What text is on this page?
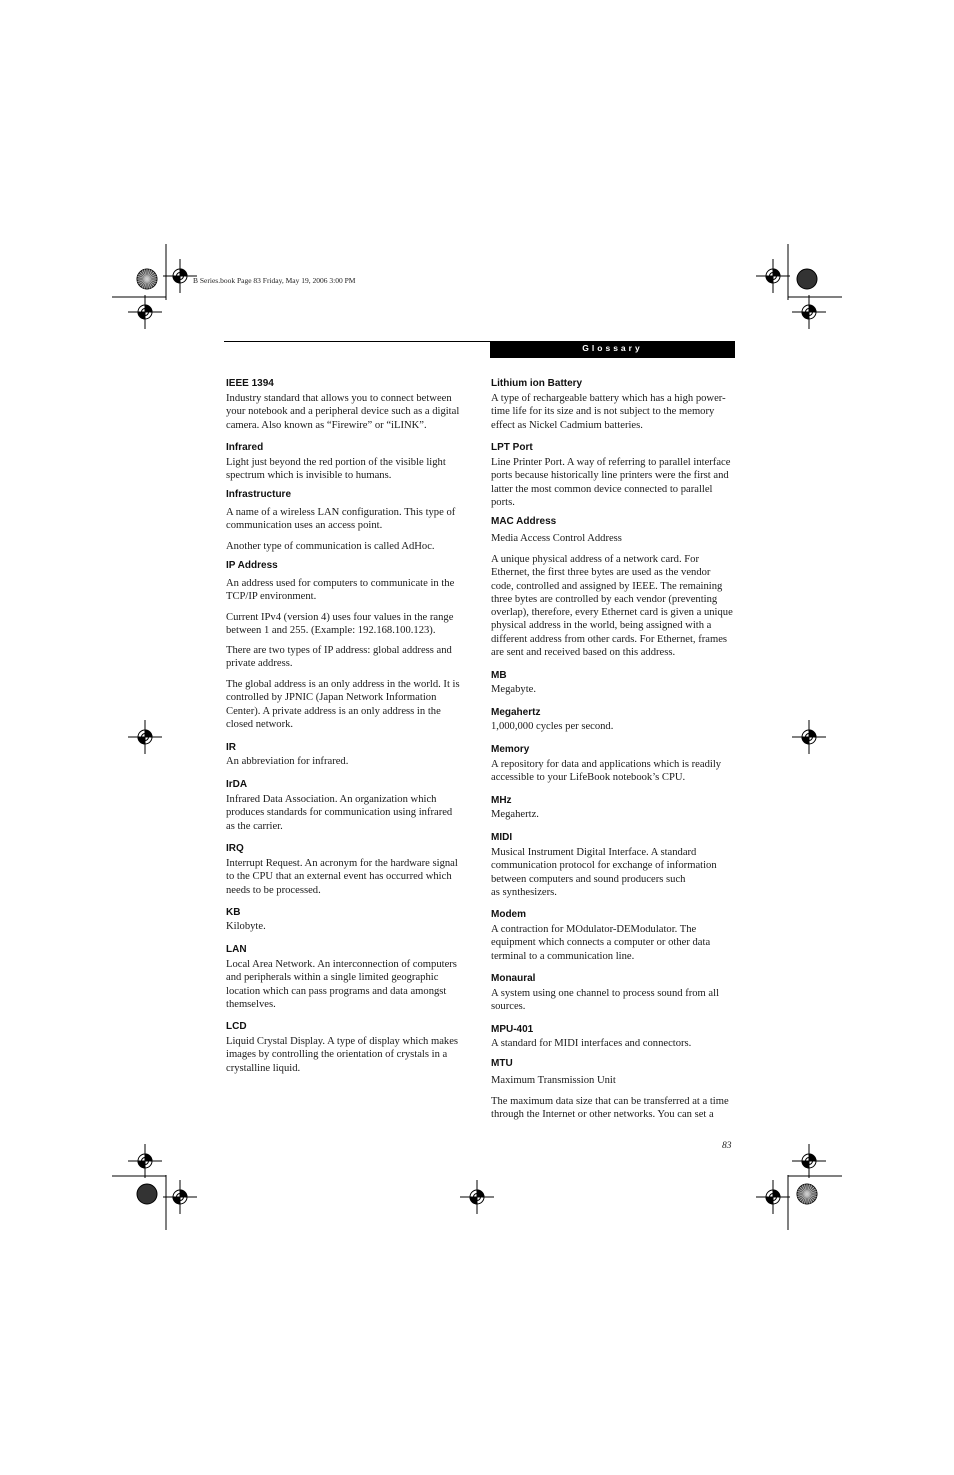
B Series.book Page 83 Friday, May 19, 2006 3:00 PM
Glossary
IEEE 1394
Industry standard that allows you to connect between
your notebook and a peripheral device such as a digital
camera. Also known as “Firewire” or “iLINK”.
Infrared
Light just beyond the red portion of the visible light
spectrum which is invisible to humans.
Infrastructure
A name of a wireless LAN configuration. This type of
communication uses an access point.
Another type of communication is called AdHoc.
IP Address
An address used for computers to communicate in the
TCP/IP environment.
Current IPv4 (version 4) uses four values in the range
between 1 and 255. (Example: 192.168.100.123).
There are two types of IP address: global address and
private address.
The global address is an only address in the world. It is
controlled by JPNIC (Japan Network Information
Center). A private address is an only address in the
closed network.
IR
An abbreviation for infrared.
IrDA
Infrared Data Association. An organization which
produces standards for communication using infrared
as the carrier.
IRQ
Interrupt Request. An acronym for the hardware signal
to the CPU that an external event has occurred which
needs to be processed.
KB
Kilobyte.
LAN
Local Area Network. An interconnection of computers
and peripherals within a single limited geographic
location which can pass programs and data amongst
themselves.
LCD
Liquid Crystal Display. A type of display which makes
images by controlling the orientation of crystals in a
crystalline liquid.
Lithium ion Battery
A type of rechargeable battery which has a high power-
time life for its size and is not subject to the memory
effect as Nickel Cadmium batteries.
LPT Port
Line Printer Port. A way of referring to parallel interface
ports because historically line printers were the first and
latter the most common device connected to parallel
ports.
MAC Address
Media Access Control Address
A unique physical address of a network card. For
Ethernet, the first three bytes are used as the vendor
code, controlled and assigned by IEEE. The remaining
three bytes are controlled by each vendor (preventing
overlap), therefore, every Ethernet card is given a unique
physical address in the world, being assigned with a
different address from other cards. For Ethernet, frames
are sent and received based on this address.
MB
Megabyte.
Megahertz
1,000,000 cycles per second.
Memory
A repository for data and applications which is readily
accessible to your LifeBook notebook’s CPU.
MHz
Megahertz.
MIDI
Musical Instrument Digital Interface. A standard
communication protocol for exchange of information
between computers and sound producers such
as synthesizers.
Modem
A contraction for MOdulator-DEModulator. The
equipment which connects a computer or other data
terminal to a communication line.
Monaural
A system using one channel to process sound from all
sources.
MPU-401
A standard for MIDI interfaces and connectors.
MTU
Maximum Transmission Unit
The maximum data size that can be transferred at a time
through the Internet or other networks. You can set a
83
